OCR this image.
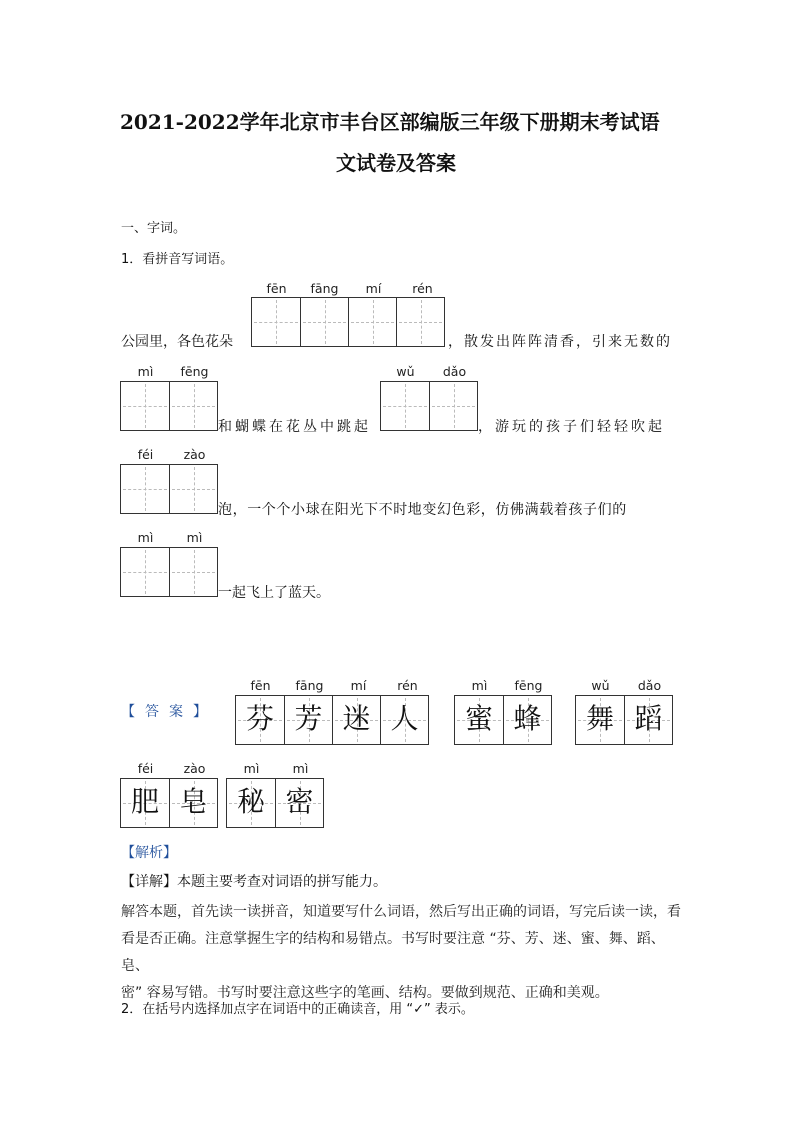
2021-2022学年北京市丰台区部编版三年级下册期末考试语
文试卷及答案
一、字词。
1．看拼音写词语。
fēn	fāng	mí	rén
公园里，各色花朵	，散发出阵阵清香，引来无数的
mì	fēng
和蝴蝶在花丛中跳起
wǔ	dǎo
，游玩的孩子们轻轻吹起
féi	zào
泡，一个个小球在阳光下不时地变幻色彩，仿佛满载着孩子们的
mì	mì
一起飞上了蓝天。
【答案】
fēn	fāng	mí	rén
芬 芳 迷 人
mì	fēng
蜜 蜂
wǔ	dǎo
舞 蹈
féi	zào
肥 皂
mì	mì
秘 密
【解析】
【详解】本题主要考查对词语的拼写能力。
解答本题，首先读一读拼音，知道要写什么词语，然后写出正确的词语，写完后读一读，看
看是否正确。注意掌握生字的结构和易错点。书写时要注意 “芬、芳、迷、蜜、舞、蹈、皂、
密” 容易写错。书写时要注意这些字的笔画、结构。要做到规范、正确和美观。
2．在括号内选择加点字在词语中的正确读音，用 “✓” 表示。
